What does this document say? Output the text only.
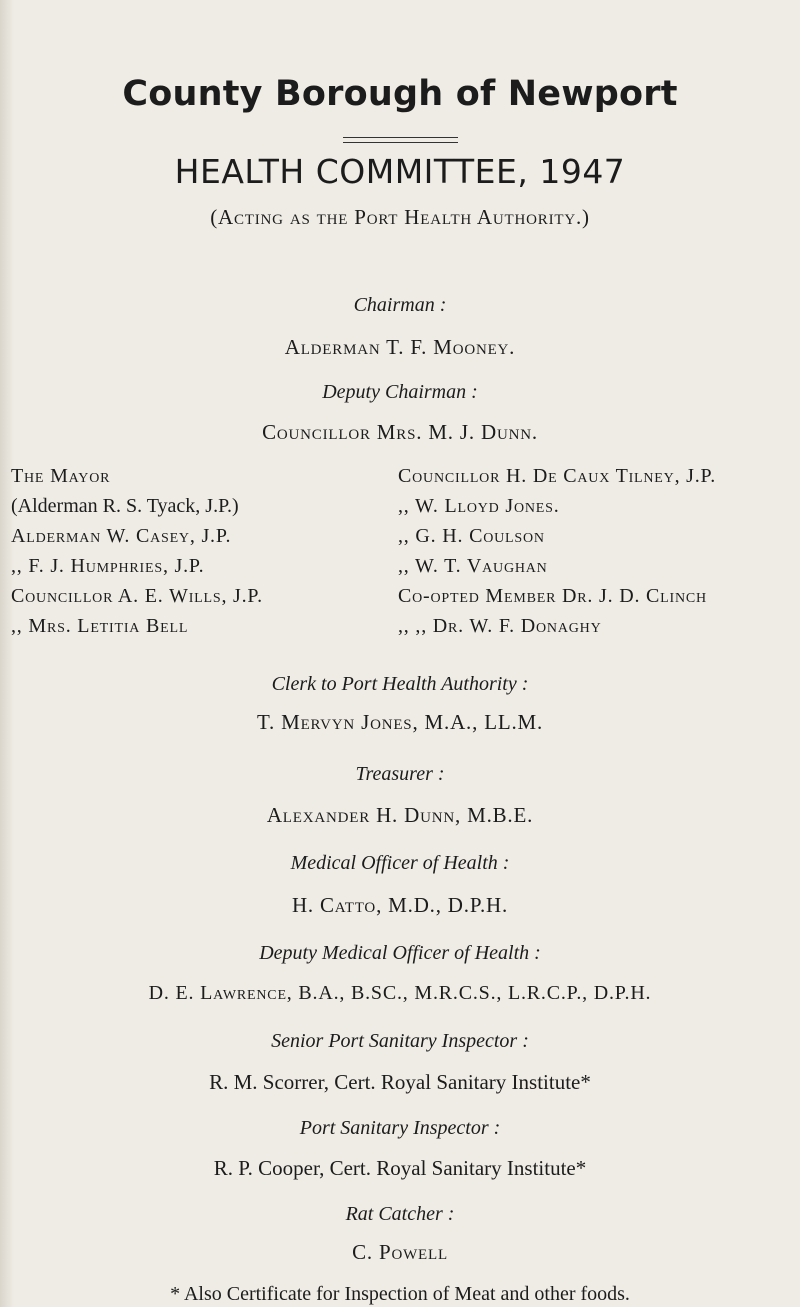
County Borough of Newport
HEALTH COMMITTEE, 1947
(Acting as the Port Health Authority.)
Chairman :
Alderman T. F. Mooney.
Deputy Chairman :
Councillor Mrs. M. J. Dunn.
The Mayor
(Alderman R. S. Tyack, J.P.)
Alderman W. Casey, J.P.
,, F. J. Humphries, J.P.
Councillor A. E. Wills, J.P.
,, Mrs. Letitia Bell
Councillor H. De Caux Tilney, J.P.
,, W. Lloyd Jones.
,, G. H. Coulson
,, W. T. Vaughan
Co-opted Member Dr. J. D. Clinch
,, ,, Dr. W. F. Donaghy
Clerk to Port Health Authority :
T. Mervyn Jones, M.A., LL.M.
Treasurer :
Alexander H. Dunn, M.B.E.
Medical Officer of Health :
H. Catto, M.D., D.P.H.
Deputy Medical Officer of Health :
D. E. Lawrence, B.A., B.SC., M.R.C.S., L.R.C.P., D.P.H.
Senior Port Sanitary Inspector :
R. M. Scorrer, Cert. Royal Sanitary Institute*
Port Sanitary Inspector :
R. P. Cooper, Cert. Royal Sanitary Institute*
Rat Catcher :
C. Powell
* Also Certificate for Inspection of Meat and other foods.
